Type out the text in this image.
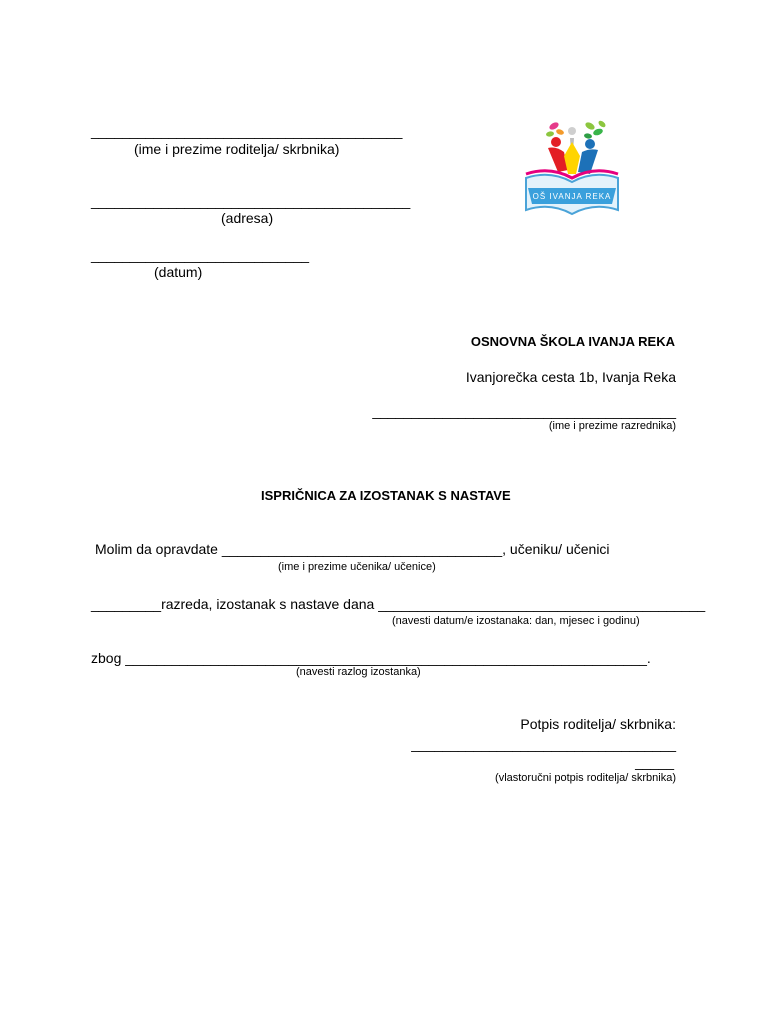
________________________________________
(ime i prezime roditelja/ skrbnika)
_________________________________________
(adresa)
____________________________
(datum)
OŠ IVANJA REKA
OSNOVNA ŠKOLA IVANJA REKA
Ivanjorečka cesta 1b, Ivanja Reka
_______________________________________
(ime i prezime razrednika)
ISPRIČNICA ZA IZOSTANAK S NASTAVE
Molim da opravdate ____________________________________, učeniku/ učenici
(ime i prezime učenika/ učenice)
_________razreda, izostanak s nastave dana __________________________________________
(navesti datum/e izostanaka: dan, mjesec i godinu)
zbog ___________________________________________________________________.
(navesti razlog izostanka)
Potpis roditelja/ skrbnika:
__________________________________
_____
(vlastoručni potpis roditelja/ skrbnika)
